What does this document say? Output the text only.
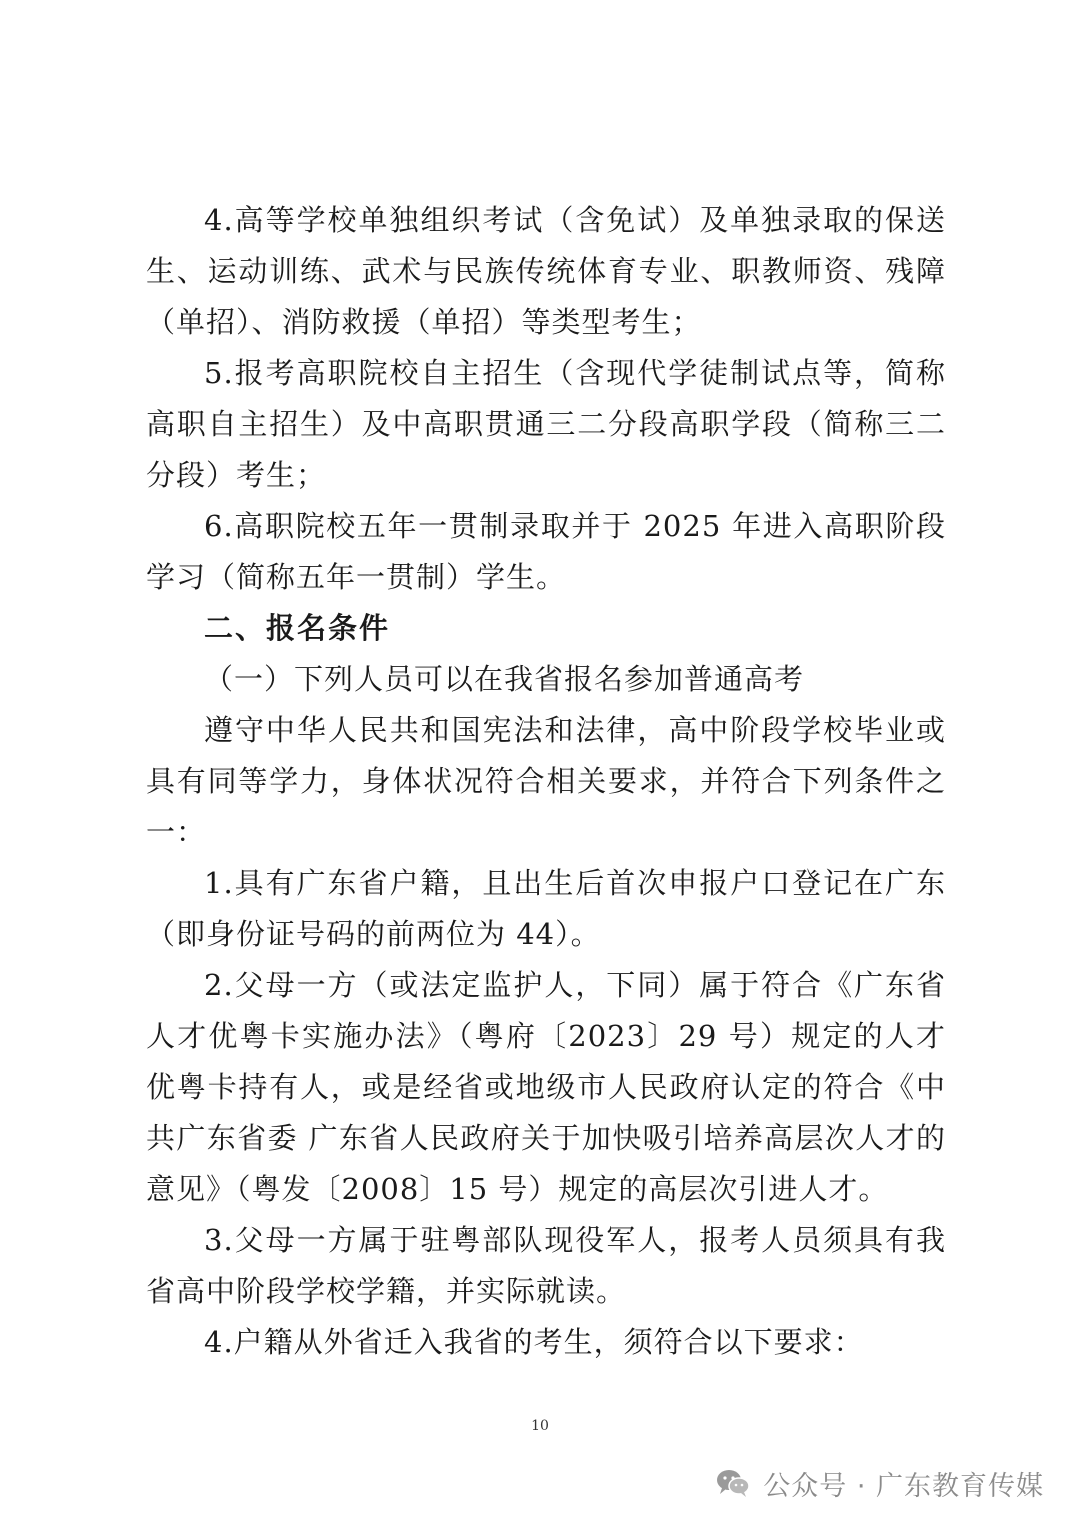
4.高等学校单独组织考试（含免试）及单独录取的保送生、运动训练、武术与民族传统体育专业、职教师资、残障（单招）、消防救援（单招）等类型考生；

5.报考高职院校自主招生（含现代学徒制试点等，简称高职自主招生）及中高职贯通三二分段高职学段（简称三二分段）考生；

6.高职院校五年一贯制录取并于 2025 年进入高职阶段学习（简称五年一贯制）学生。

二、报名条件

（一）下列人员可以在我省报名参加普通高考

遵守中华人民共和国宪法和法律，高中阶段学校毕业或具有同等学力，身体状况符合相关要求，并符合下列条件之一：

1.具有广东省户籍，且出生后首次申报户口登记在广东（即身份证号码的前两位为 44）。

2.父母一方（或法定监护人，下同）属于符合《广东省人才优粤卡实施办法》（粤府〔2023〕29 号）规定的人才优粤卡持有人，或是经省或地级市人民政府认定的符合《中共广东省委 广东省人民政府关于加快吸引培养高层次人才的意见》（粤发〔2008〕15 号）规定的高层次引进人才。

3.父母一方属于驻粤部队现役军人，报考人员须具有我省高中阶段学校学籍，并实际就读。

4.户籍从外省迁入我省的考生，须符合以下要求：

10
公众号 · 广东教育传媒
